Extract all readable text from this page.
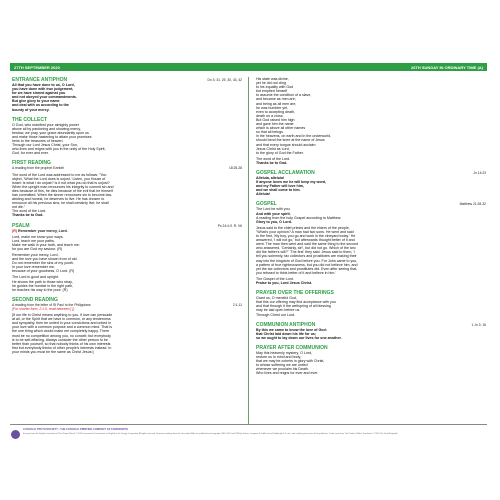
27TH SEPTEMBER 2020	26TH SUNDAY IN ORDINARY TIME (A)
ENTRANCE ANTIPHON	Dn 3: 31, 29, 30, 43, 42
All that you have done to us, O Lord,
you have done with true judgement,
for we have sinned against you
and not obeyed your commandments.
But give glory to your name
and deal with us according to the
bounty of your mercy.
THE COLLECT
O God, who manifest your almighty power
above all by pardoning and showing mercy,
bestow, we pray, your grace abundantly upon us
and make those hastening to attain your promises
heirs to the treasures of heaven.
Through our Lord Jesus Christ, your Son,
who lives and reigns with you in the unity of the Holy Spirit,
God, for ever and ever.
FIRST READING
A reading from the prophet Ezekiel	18:25-28
The word of the Lord was addressed to me as follows: "You
object, 'What the Lord does is unjust.' Listen, you House of
Israel: is what I do unjust? Is it not what you do that is unjust?
When the upright man renounces his integrity to commit sin and
dies because of this, he dies because of the evil that he himself
has committed. When the sinner renounces sin to become law-
abiding and honest, he deserves to live. He has chosen to
renounce all his previous sins; he shall certainly live; he shall
not die."
The word of the Lord.
Thanks be to God.
PSALM	Ps 24:4-9. R. V6
(R) Remember your mercy, Lord.
Lord, make me know your ways.
Lord, teach me your paths.
Make me walk in your truth, and teach me:
for you are God my saviour. (R)
Remember your mercy, Lord,
and the love you have shown from of old.
Do not remember the sins of my youth.
In your love remember me,
because of your goodness, O Lord. (R)
The Lord is good and upright.
He shows the path to those who stray,
he guides the humble in the right path,
he teaches his way to the poor. (R)
SECOND READING
A reading from the letter of St Paul to the Philippians	2:1-11
(For shorter form, 2:1-5, read between [ ])
[If our life in Christ means anything to you, if love can persuade
at all, or the Spirit that we have in common, or any tenderness
and sympathy, then be united in your convictions and united in
your love with a common purpose and a common mind. That is
the one thing which would make me completely happy. There
must be no competition among you, no conceit; but everybody
is to be self-effacing. Always consider the other person to be
better than yourself, so that nobody thinks of his own interests
first but everybody thinks of other people's interests instead. In
your minds you must be the same as Christ Jesus:]
His state was divine,
yet he did not cling
to his equality with God
but emptied himself
to assume the condition of a slave,
and became as men are;
and being as all men are,
he was humbler yet,
even to accepting death,
death on a cross.
But God raised him high
and gave him the name
which is above all other names
so that all beings
in the heavens, on earth and in the underworld,
should bend the knee at the name of Jesus
and that every tongue should acclaim
Jesus Christ as Lord,
to the glory of God the Father.
The word of the Lord.
Thanks be to God.
GOSPEL ACCLAMATION	Jn 14:23
Alleluia, alleluia!
If anyone loves me he will keep my word,
and my Father will love him,
and we shall come to him.
Alleluia!
GOSPEL	Matthew 21:28-32
The Lord be with you.
And with your spirit.
A reading from the holy Gospel according to Matthew.
Glory to you, O Lord.
Jesus said to the chief priests and the elders of the people,
"What's your opinion? A man had two sons. He went and said
to the first, 'My boy, you go and work in the vineyard today.' He
answered, 'I will not go,' but afterwards thought better of it and
went. The man then went and said the same thing to the second
who answered, 'Certainly, sir!', but did not go. Which of the two
did the father's will?" 'The first' they said. Jesus said to them, 'I
tell you solemnly, tax collectors and prostitutes are making their
way into the kingdom of God before you. For John came to you,
a pattern of true righteousness, but you did not believe him, and
yet the tax collectors and prostitutes did. Even after seeing that,
you refused to think better of it and believe in him.'
The Gospel of the Lord.
Praise to you, Lord Jesus Christ.
PRAYER OVER THE OFFERINGS
Grant us, O merciful God,
that this our offering may find acceptance with you
and that through it the wellspring of all blessing
may be laid open before us.
Through Christ our Lord.
COMMUNION ANTIPHON	1 Jn 3: 16
By this we came to know the love of God:
that Christ laid down his life for us;
so we ought to lay down our lives for one another.
PRAYER AFTER COMMUNION
May this heavenly mystery, O Lord,
restore us in mind and body,
that we may be coheirs in glory with Christ,
to whose suffering we are united
whenever we proclaim his Death.
Who lives and reigns for ever and ever.
CATHOLIC TRUTH SOCIETY • THE CATHOLIC PRINTING COMPANY OF FARNWORTH
Excerpts from the English translation of The Roman Missal © 2010 International Commission on English in the Liturgy Corporation. All rights reserved. Scripture readings from the Jerusalem Bible are published and copyright 1966, 1967 and 1968 by Darton, Longman & Todd Ltd and Doubleday & Co Inc, and used by permission of the publishers. Psalm texts from The Psalms, A New Translation © 1963 The Grail (England).
